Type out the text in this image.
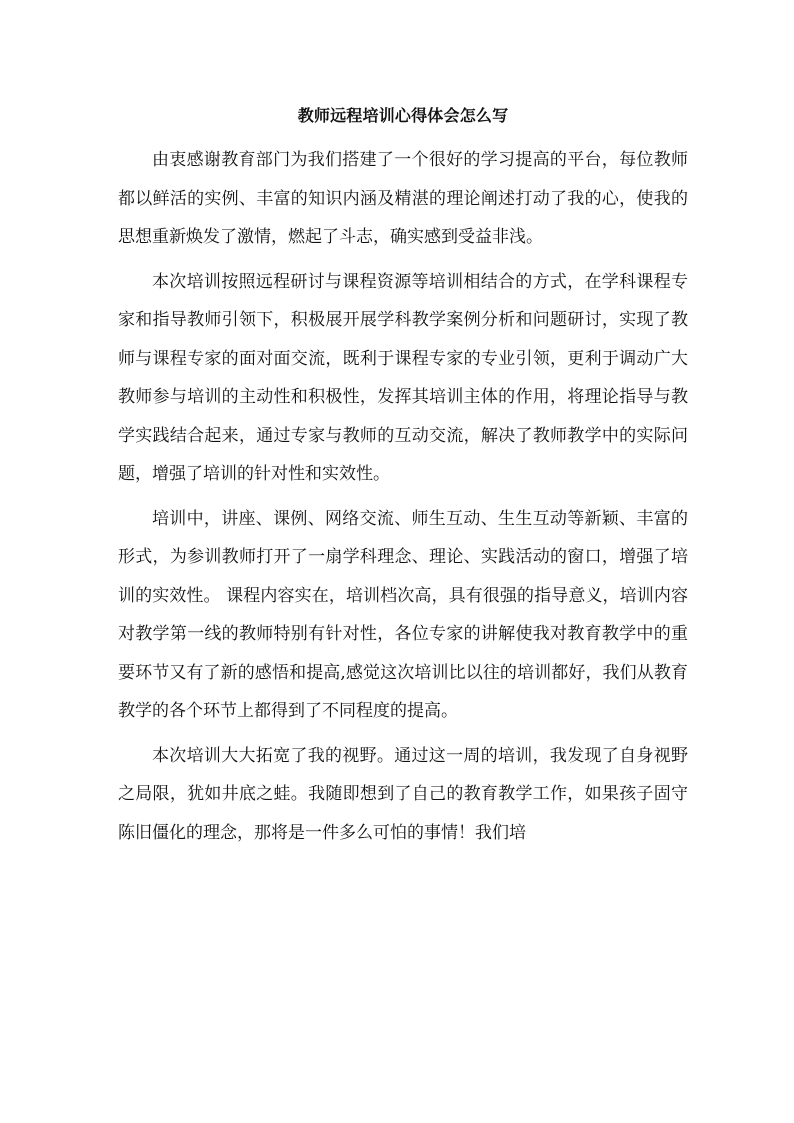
教师远程培训心得体会怎么写

由衷感谢教育部门为我们搭建了一个很好的学习提高的平台，每位教师都以鲜活的实例、丰富的知识内涵及精湛的理论阐述打动了我的心，使我的思想重新焕发了激情，燃起了斗志，确实感到受益非浅。

本次培训按照远程研讨与课程资源等培训相结合的方式，在学科课程专家和指导教师引领下，积极展开展学科教学案例分析和问题研讨，实现了教师与课程专家的面对面交流，既利于课程专家的专业引领，更利于调动广大教师参与培训的主动性和积极性，发挥其培训主体的作用，将理论指导与教学实践结合起来，通过专家与教师的互动交流，解决了教师教学中的实际问题，增强了培训的针对性和实效性。

培训中，讲座、课例、网络交流、师生互动、生生互动等新颖、丰富的形式，为参训教师打开了一扇学科理念、理论、实践活动的窗口，增强了培训的实效性。 课程内容实在，培训档次高，具有很强的指导意义，培训内容对教学第一线的教师特别有针对性，各位专家的讲解使我对教育教学中的重要环节又有了新的感悟和提高,感觉这次培训比以往的培训都好，我们从教育教学的各个环节上都得到了不同程度的提高。

本次培训大大拓宽了我的视野。通过这一周的培训，我发现了自身视野之局限，犹如井底之蛙。我随即想到了自己的教育教学工作，如果孩子固守陈旧僵化的理念，那将是一件多么可怕的事情！我们培
